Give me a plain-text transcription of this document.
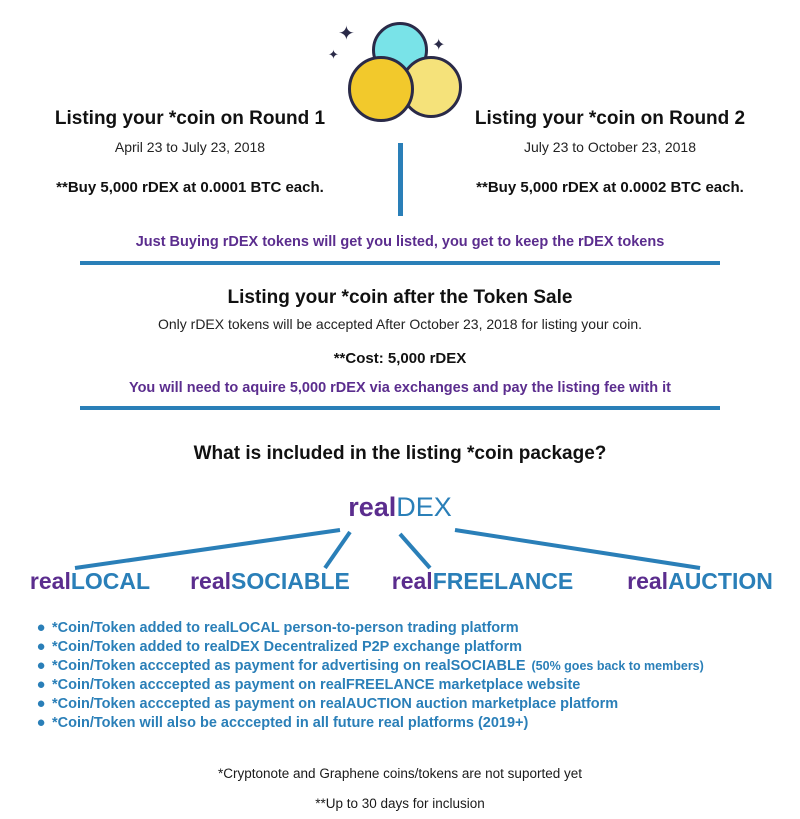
✦
✦
✦
Listing your *coin on Round 1
April 23 to July 23, 2018
**Buy 5,000 rDEX at 0.0001 BTC each.
Listing your *coin on Round 2
July 23 to October 23, 2018
**Buy 5,000 rDEX at 0.0002 BTC each.
Just Buying rDEX tokens will get you listed, you get to keep the rDEX tokens
Listing your *coin after the Token Sale
Only rDEX tokens will be accepted After October 23, 2018 for listing your coin.
**Cost: 5,000 rDEX
You will need to aquire 5,000 rDEX via exchanges and pay the listing fee with it
What is included in the listing *coin package?
realDEX
realLOCAL	realSOCIABLE	realFREELANCE	realAUCTION
● *Coin/Token added to realLOCAL person-to-person trading platform
● *Coin/Token added to realDEX Decentralized P2P exchange platform
● *Coin/Token acccepted as payment for advertising on realSOCIABLE (50% goes back to members)
● *Coin/Token acccepted as payment on realFREELANCE marketplace website
● *Coin/Token acccepted as payment on realAUCTION auction marketplace platform
● *Coin/Token will also be acccepted in all future real platforms (2019+)
*Cryptonote and Graphene coins/tokens are not suported yet
**Up to 30 days for inclusion
